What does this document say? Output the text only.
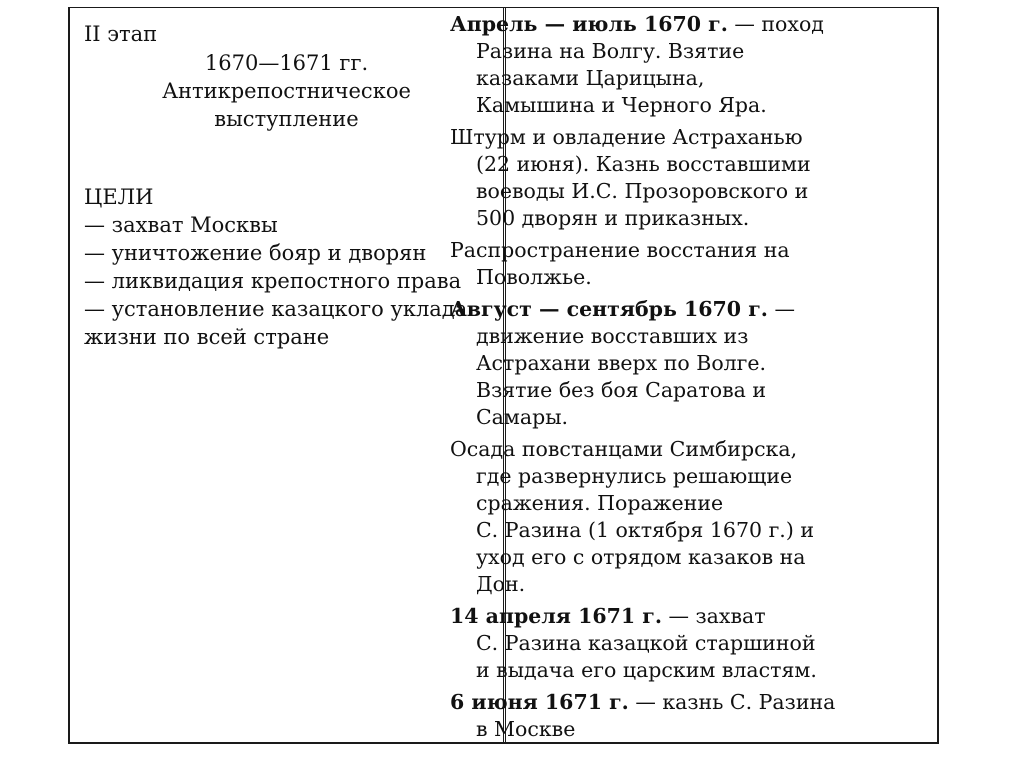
II этап
1670—1671 гг.
Антикрепостническое
выступление
ЦЕЛИ
— захват Москвы
— уничтожение бояр и дворян
— ликвидация крепостного права
— установление казацкого уклада
жизни по всей стране
Апрель — июль 1670 г. — поход
Разина на Волгу. Взятие
казаками Царицына,
Камышина и Черного Яра.
Штурм и овладение Астраханью
(22 июня). Казнь восставшими
воеводы И.С. Прозоровского и
500 дворян и приказных.
Распространение восстания на
Поволжье.
Август — сентябрь 1670 г. —
движение восставших из
Астрахани вверх по Волге.
Взятие без боя Саратова и
Самары.
Осада повстанцами Симбирска,
где развернулись решающие
сражения. Поражение
С. Разина (1 октября 1670 г.) и
уход его с отрядом казаков на
Дон.
14 апреля 1671 г. — захват
С. Разина казацкой старшиной
и выдача его царским властям.
6 июня 1671 г. — казнь С. Разина
в Москве
